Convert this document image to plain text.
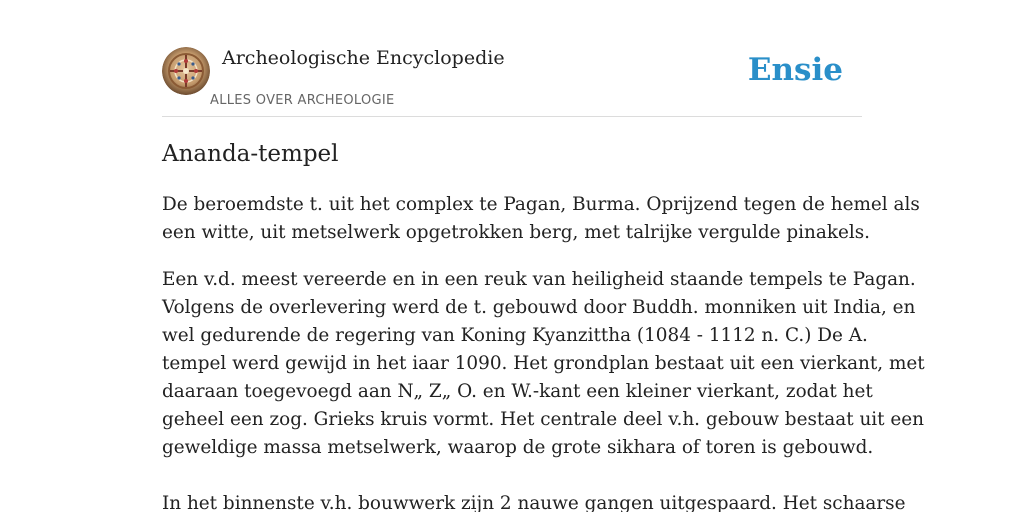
Archeologische Encyclopedie
ALLES OVER ARCHEOLOGIE
Ensie
Ananda-tempel

De beroemdste t. uit het complex te Pagan, Burma. Oprijzend tegen de hemel als
een witte, uit metselwerk opgetrokken berg, met talrijke vergulde pinakels.

Een v.d. meest vereerde en in een reuk van heiligheid staande tempels te Pagan.
Volgens de overlevering werd de t. gebouwd door Buddh. monniken uit India, en
wel gedurende de regering van Koning Kyanzittha (1084 - 1112 n. C.) De A.
tempel werd gewijd in het iaar 1090. Het grondplan bestaat uit een vierkant, met
daaraan toegevoegd aan N„ Z„ O. en W.-kant een kleiner vierkant, zodat het
geheel een zog. Grieks kruis vormt. Het centrale deel v.h. gebouw bestaat uit een
geweldige massa metselwerk, waarop de grote sikhara of toren is gebouwd.

In het binnenste v.h. bouwwerk zijn 2 nauwe gangen uitgespaard. Het schaarse
